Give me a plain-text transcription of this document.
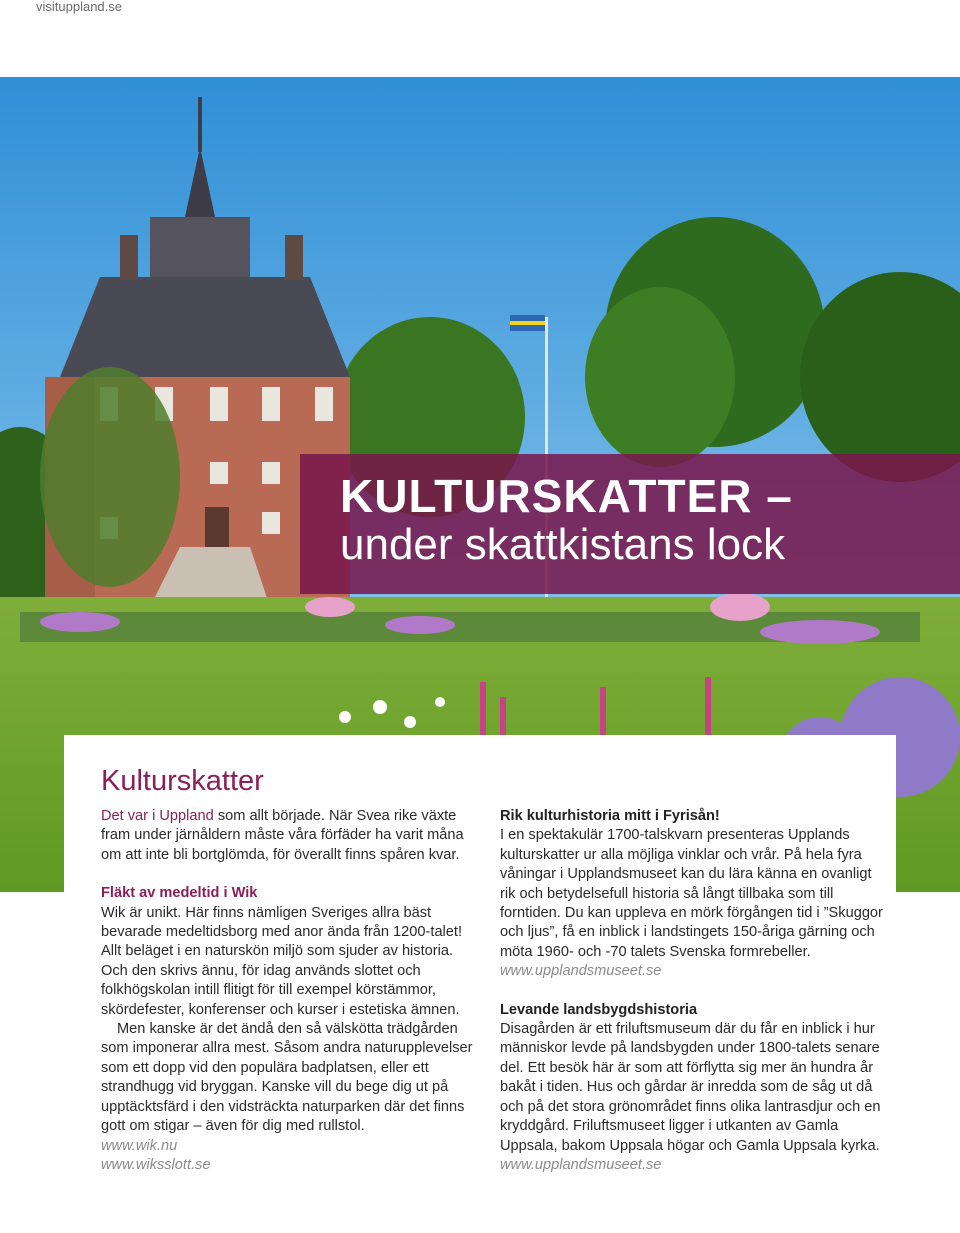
visituppland.se
KULTURSKATTER –
under skattkistans lock
Kulturskatter

Det var i Uppland som allt började. När Svea rike växte fram under järnåldern måste våra förfäder ha varit måna om att inte bli bortglömda, för överallt finns spåren kvar.

Fläkt av medeltid i Wik

Wik är unikt. Här finns nämligen Sveriges allra bäst bevarade medeltidsborg med anor ända från 1200-talet! Allt beläget i en naturskön miljö som sjuder av historia. Och den skrivs ännu, för idag används slottet och folkhögskolan intill flitigt för till exempel körstämmor, skördefester, konferenser och kurser i estetiska ämnen.

Men kanske är det ändå den så välskötta trädgården som imponerar allra mest. Såsom andra naturupplevelser som ett dopp vid den populära badplatsen, eller ett strandhugg vid bryggan. Kanske vill du bege dig ut på upptäcktsfärd i den vidsträckta naturparken där det finns gott om stigar – även för dig med rullstol.

www.wik.nu
www.wiksslott.se
Rik kulturhistoria mitt i Fyrisån!

I en spektakulär 1700-talskvarn presenteras Upplands kulturskatter ur alla möjliga vinklar och vrår. På hela fyra våningar i Upplandsmuseet kan du lära känna en ovanligt rik och betydelsefull historia så långt tillbaka som till forntiden. Du kan uppleva en mörk förgången tid i ”Skuggor och ljus”, få en inblick i landstingets 150-åriga gärning och möta 1960- och -70 talets Svenska formrebeller.

www.upplandsmuseet.se
Levande landsbygdshistoria

Disagården är ett friluftsmuseum där du får en inblick i hur människor levde på landsbygden under 1800-talets senare del. Ett besök här är som att förflytta sig mer än hundra år bakåt i tiden. Hus och gårdar är inredda som de såg ut då och på det stora grönområdet finns olika lantrasdjur och en kryddgård. Friluftsmuseet ligger i utkanten av Gamla Uppsala, bakom Uppsala högar och Gamla Uppsala kyrka.

www.upplandsmuseet.se
